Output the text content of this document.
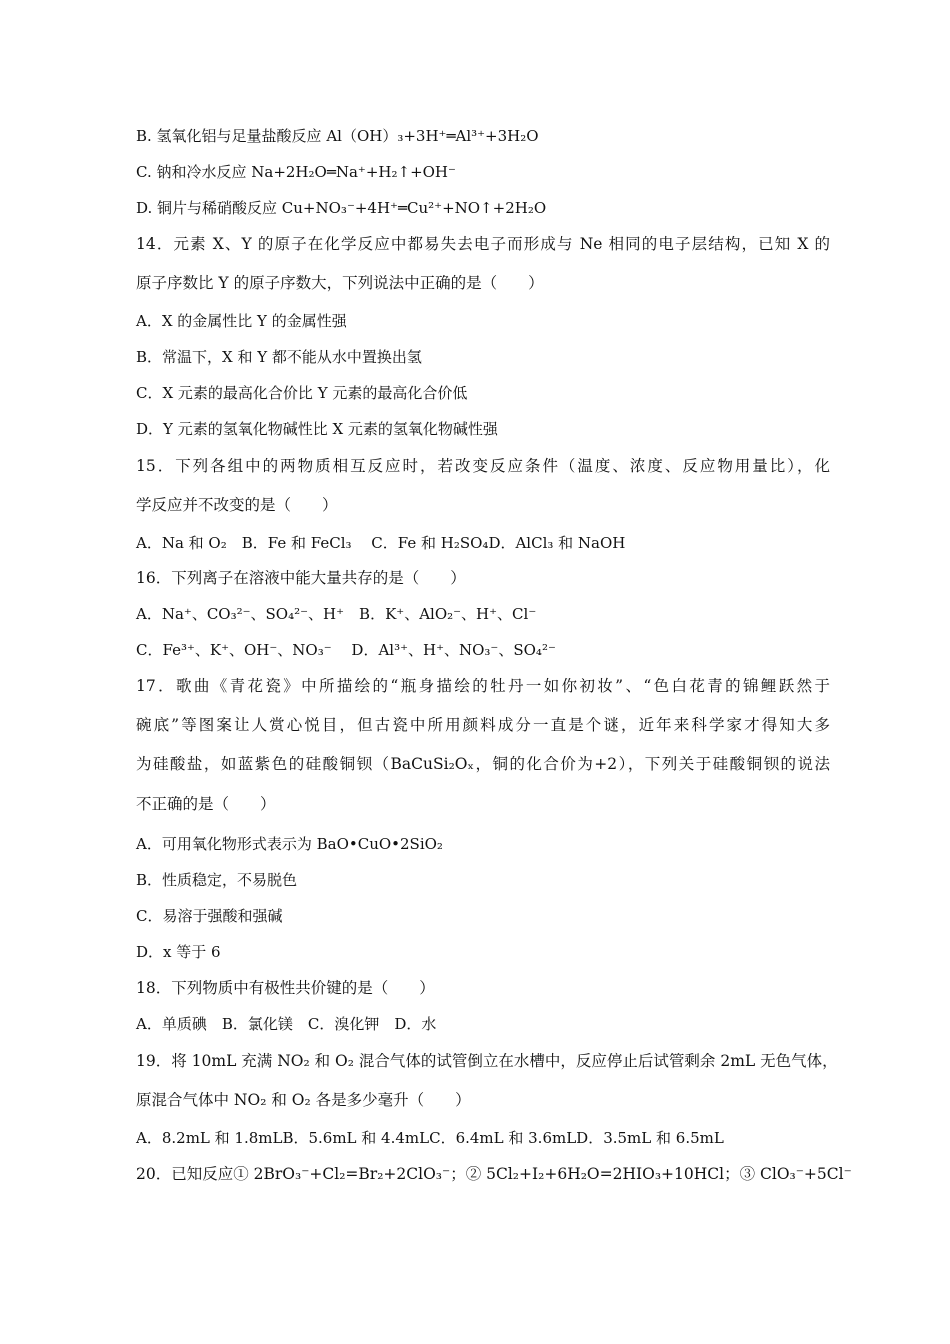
B. 氢氧化铝与足量盐酸反应 Al（OH）₃+3H⁺═Al³⁺+3H₂O
C. 钠和冷水反应 Na+2H₂O═Na⁺+H₂↑+OH⁻
D. 铜片与稀硝酸反应 Cu+NO₃⁻+4H⁺═Cu²⁺+NO↑+2H₂O
14．元素 X、Y 的原子在化学反应中都易失去电子而形成与 Ne 相同的电子层结构，已知 X 的
原子序数比 Y 的原子序数大，下列说法中正确的是（　　）
A．X 的金属性比 Y 的金属性强
B．常温下，X 和 Y 都不能从水中置换出氢
C．X 元素的最高化合价比 Y 元素的最高化合价低
D．Y 元素的氢氧化物碱性比 X 元素的氢氧化物碱性强
15．下列各组中的两物质相互反应时，若改变反应条件（温度、浓度、反应物用量比），化
学反应并不改变的是（　　）
A．Na 和 O₂　B．Fe 和 FeCl₃　 C．Fe 和 H₂SO₄D．AlCl₃ 和 NaOH
16．下列离子在溶液中能大量共存的是（　　）
A．Na⁺、CO₃²⁻、SO₄²⁻、H⁺　B．K⁺、AlO₂⁻、H⁺、Cl⁻
C．Fe³⁺、K⁺、OH⁻、NO₃⁻　 D．Al³⁺、H⁺、NO₃⁻、SO₄²⁻
17．歌曲《青花瓷》中所描绘的“瓶身描绘的牡丹一如你初妆”、“色白花青的锦鲤跃然于
碗底”等图案让人赏心悦目，但古瓷中所用颜料成分一直是个谜，近年来科学家才得知大多
为硅酸盐，如蓝紫色的硅酸铜钡（BaCuSi₂Oₓ，铜的化合价为+2），下列关于硅酸铜钡的说法
不正确的是（　　）
A．可用氧化物形式表示为 BaO•CuO•2SiO₂
B．性质稳定，不易脱色
C．易溶于强酸和强碱
D．x 等于 6
18．下列物质中有极性共价键的是（　　）
A．单质碘　B．氯化镁　C．溴化钾　D．水
19．将 10mL 充满 NO₂ 和 O₂ 混合气体的试管倒立在水槽中，反应停止后试管剩余 2mL 无色气体，
原混合气体中 NO₂ 和 O₂ 各是多少毫升（　　）
A．8.2mL 和 1.8mLB．5.6mL 和 4.4mLC．6.4mL 和 3.6mLD．3.5mL 和 6.5mL
20．已知反应① 2BrO₃⁻+Cl₂=Br₂+2ClO₃⁻；② 5Cl₂+I₂+6H₂O=2HIO₃+10HCl；③ ClO₃⁻+5Cl⁻
